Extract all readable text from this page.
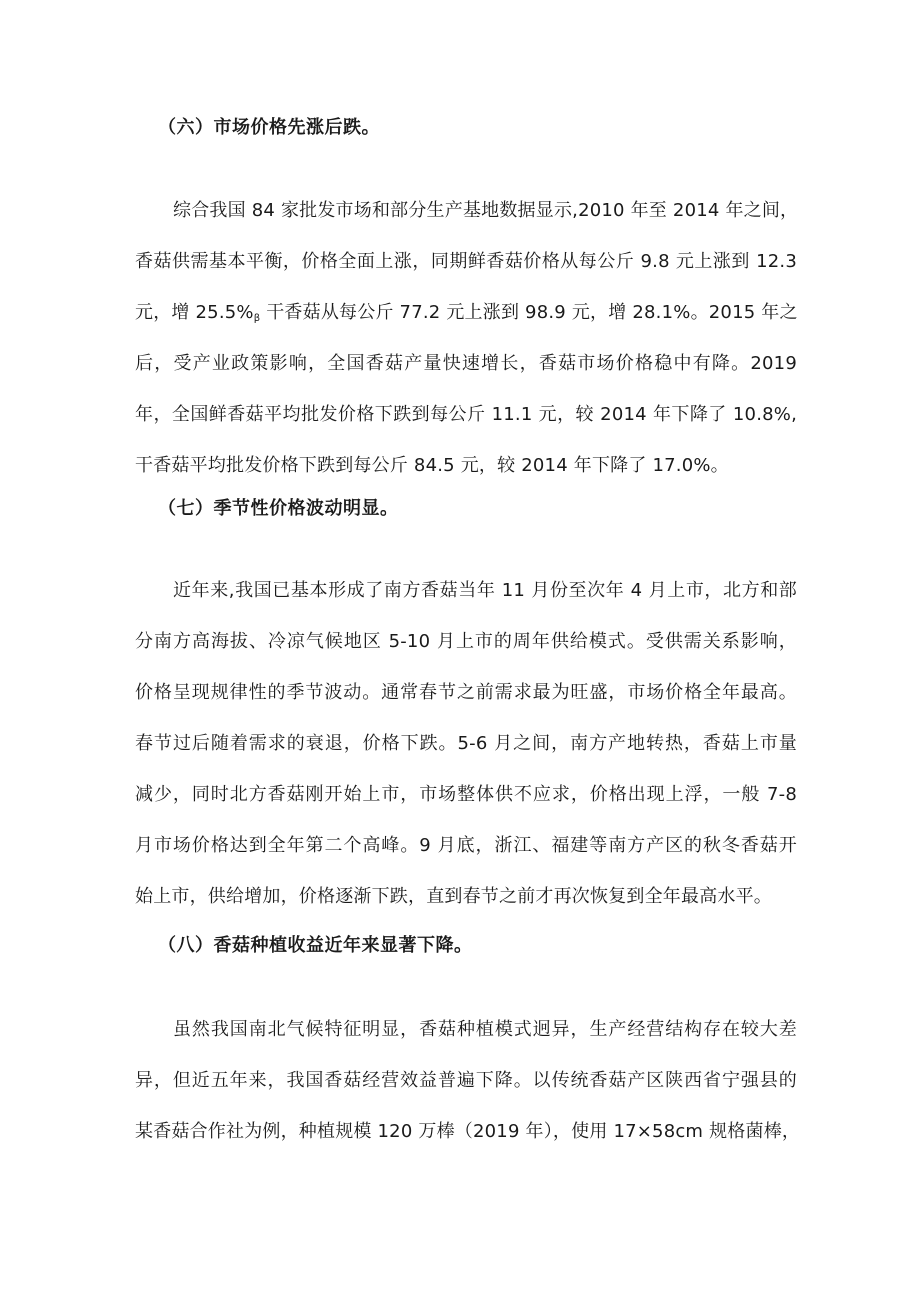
（六）市场价格先涨后跌。
综合我国 84 家批发市场和部分生产基地数据显示,2010 年至 2014 年之间，
香菇供需基本平衡，价格全面上涨，同期鲜香菇价格从每公斤 9.8 元上涨到 12.3
元，增 $25.5\%_\beta$ 干香菇从每公斤 77.2 元上涨到 98.9 元，增 28.1%。2015 年之
后，受产业政策影响，全国香菇产量快速增长，香菇市场价格稳中有降。2019
年，全国鲜香菇平均批发价格下跌到每公斤 11.1 元，较 2014 年下降了 10.8%,
干香菇平均批发价格下跌到每公斤 84.5 元，较 2014 年下降了 17.0%。
（七）季节性价格波动明显。
近年来,我国已基本形成了南方香菇当年 11 月份至次年 4 月上市，北方和部
分南方高海拔、冷凉气候地区 5-10 月上市的周年供给模式。受供需关系影响，
价格呈现规律性的季节波动。通常春节之前需求最为旺盛，市场价格全年最高。
春节过后随着需求的衰退，价格下跌。5-6 月之间，南方产地转热，香菇上市量
减少，同时北方香菇刚开始上市，市场整体供不应求，价格出现上浮，一般 7-8
月市场价格达到全年第二个高峰。9 月底，浙江、福建等南方产区的秋冬香菇开
始上市，供给增加，价格逐渐下跌，直到春节之前才再次恢复到全年最高水平。
（八）香菇种植收益近年来显著下降。
虽然我国南北气候特征明显，香菇种植模式迥异，生产经营结构存在较大差
异，但近五年来，我国香菇经营效益普遍下降。以传统香菇产区陕西省宁强县的
某香菇合作社为例，种植规模 120 万棒（2019 年），使用 17×58cm 规格菌棒，
